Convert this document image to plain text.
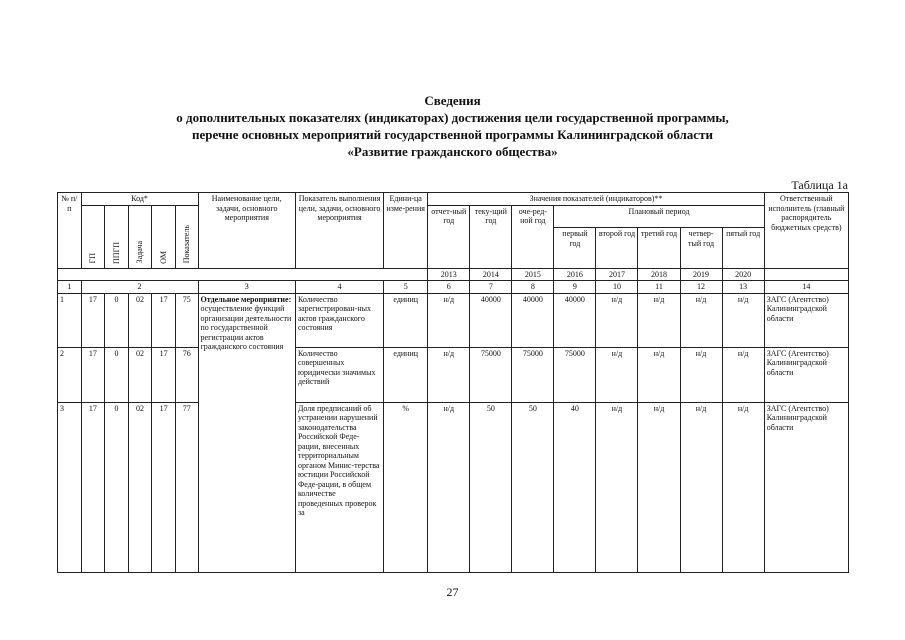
Сведения
о дополнительных показателях (индикаторах) достижения цели государственной программы,
перечне основных мероприятий государственной программы Калининградской области
«Развитие гражданского общества»
Таблица 1а
№ п/п	Код*					Наименование цели, задачи, основного мероприятия	Показатель выполнения цели, задачи, основного мероприятия	Едини-ца изме-рения	Значения показателей (индикаторов)**								Ответственный исполнитель (главный распорядитель бюджетных средств)
	ГП	ППГП	Задача	ОМ	Показатель				отчет-ный год	теку-щий год	оче-ред-ной год	Плановый период					
												первый год	второй год	третий год	четвер-тый год	пятый год	
									2013	2014	2015	2016	2017	2018	2019	2020	
1	2					3	4	5	6	7	8	9	10	11	12	13	14
1	17	0	02	17	75	Отдельное мероприятие: осуществление функций организации деятельности по государственной регистрации актов гражданского состояния	Количество зарегистрирован-ных актов гражданского состояния	единиц	н/д	40000	40000	40000	н/д	н/д	н/д	н/д	ЗАГС (Агентство) Калининградской области
2	17	0	02	17	76		Количество совершенных юридически значимых действий	единиц	н/д	75000	75000	75000	н/д	н/д	н/д	н/д	ЗАГС (Агентство) Калининградской области
3	17	0	02	17	77		Доля предписаний об устранении нарушений законодательства Российской Феде-рации, внесенных территориальным органом Минис-терства юстиции Российской Феде-рации, в общем количестве проведенных проверок за	%	н/д	50	50	40	н/д	н/д	н/д	н/д	ЗАГС (Агентство) Калининградской области
27
